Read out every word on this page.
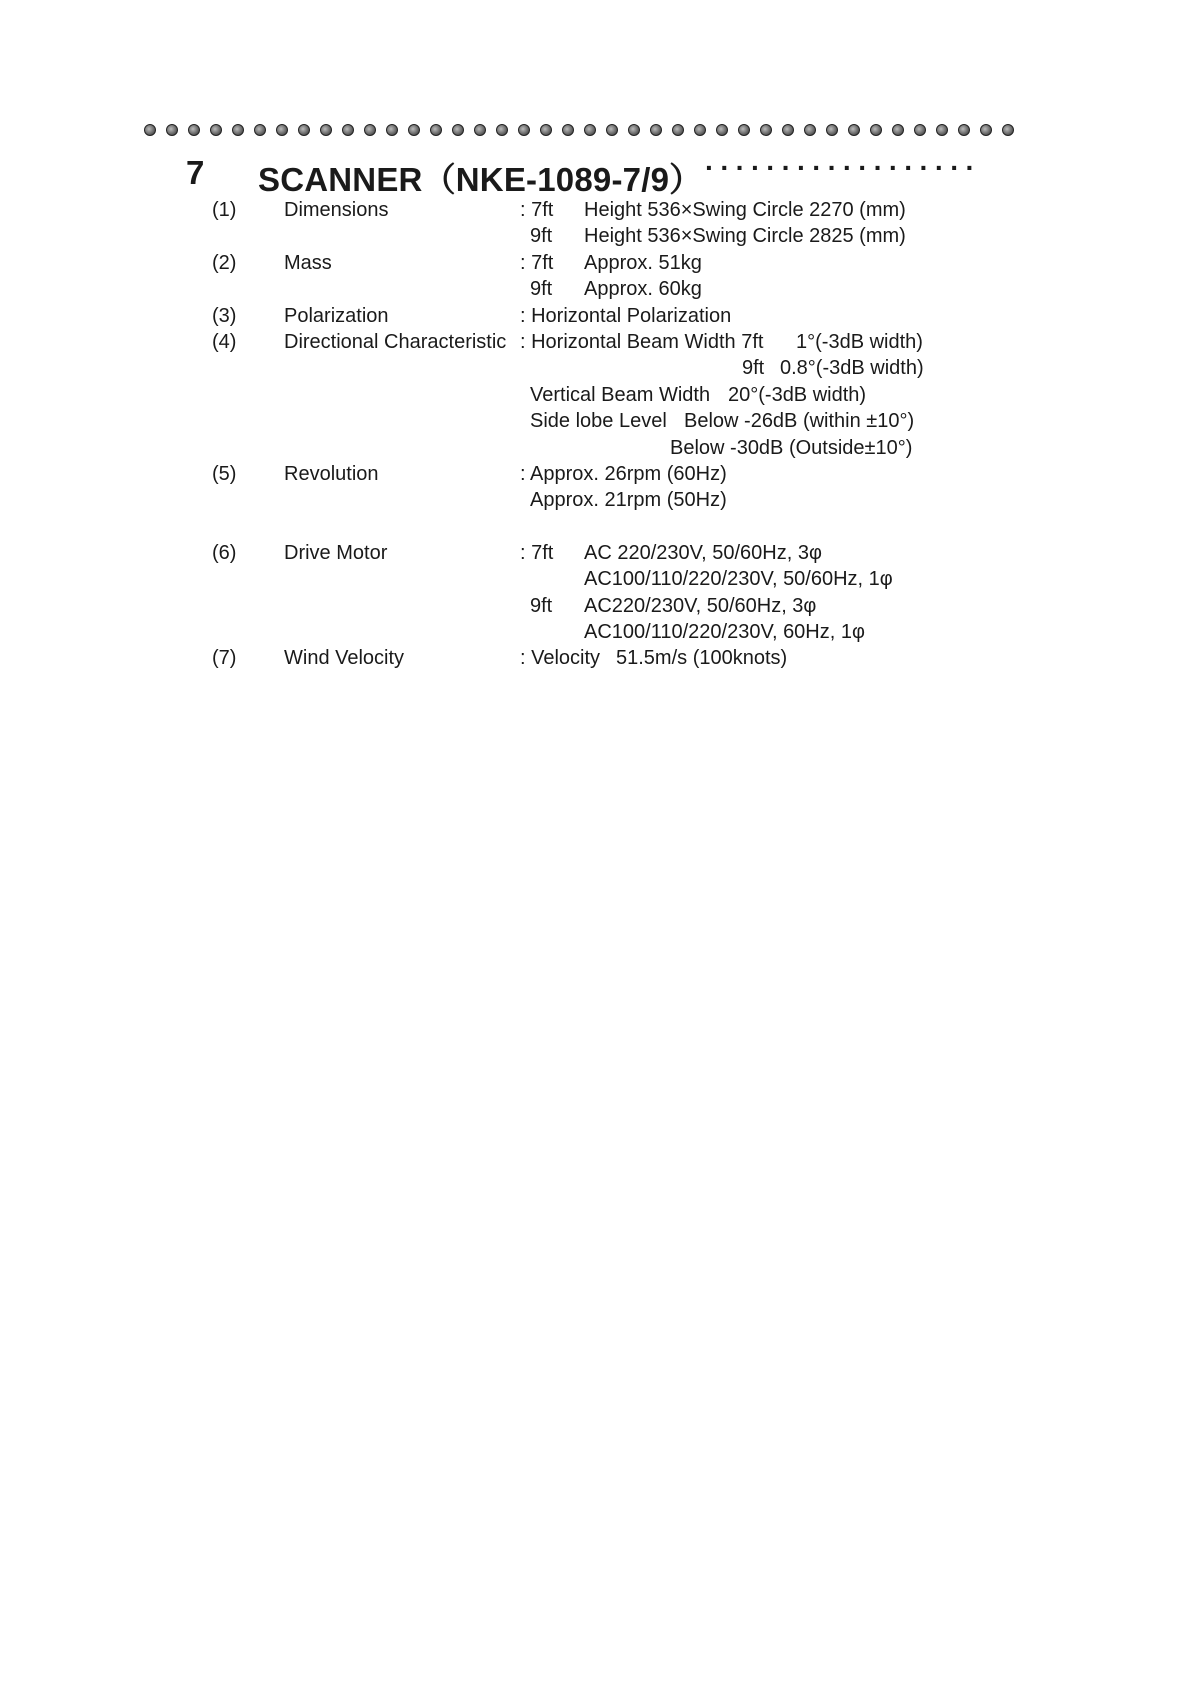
7 SCANNER（NKE-1089-7/9） ··················
(1) Dimensions	: 7ft Height 536×Swing Circle 2270 (mm)
9ft Height 536×Swing Circle 2825 (mm)
(2) Mass	: 7ft Approx. 51kg
9ft Approx. 60kg
(3) Polarization	: Horizontal Polarization
(4) Directional Characteristic : Horizontal Beam Width 7ft 1°(-3dB width)
9ft 0.8°(-3dB width)
Vertical Beam Width 20°(-3dB width)
Side lobe Level Below -26dB (within ±10°)
Below -30dB (Outside±10°)
(5) Revolution	: Approx. 26rpm (60Hz)
Approx. 21rpm (50Hz)
(6) Drive Motor	: 7ft AC 220/230V, 50/60Hz, 3φ
AC100/110/220/230V, 50/60Hz, 1φ
9ft AC220/230V, 50/60Hz, 3φ
AC100/110/220/230V, 60Hz, 1φ
(7) Wind Velocity	: Velocity 51.5m/s (100knots)
